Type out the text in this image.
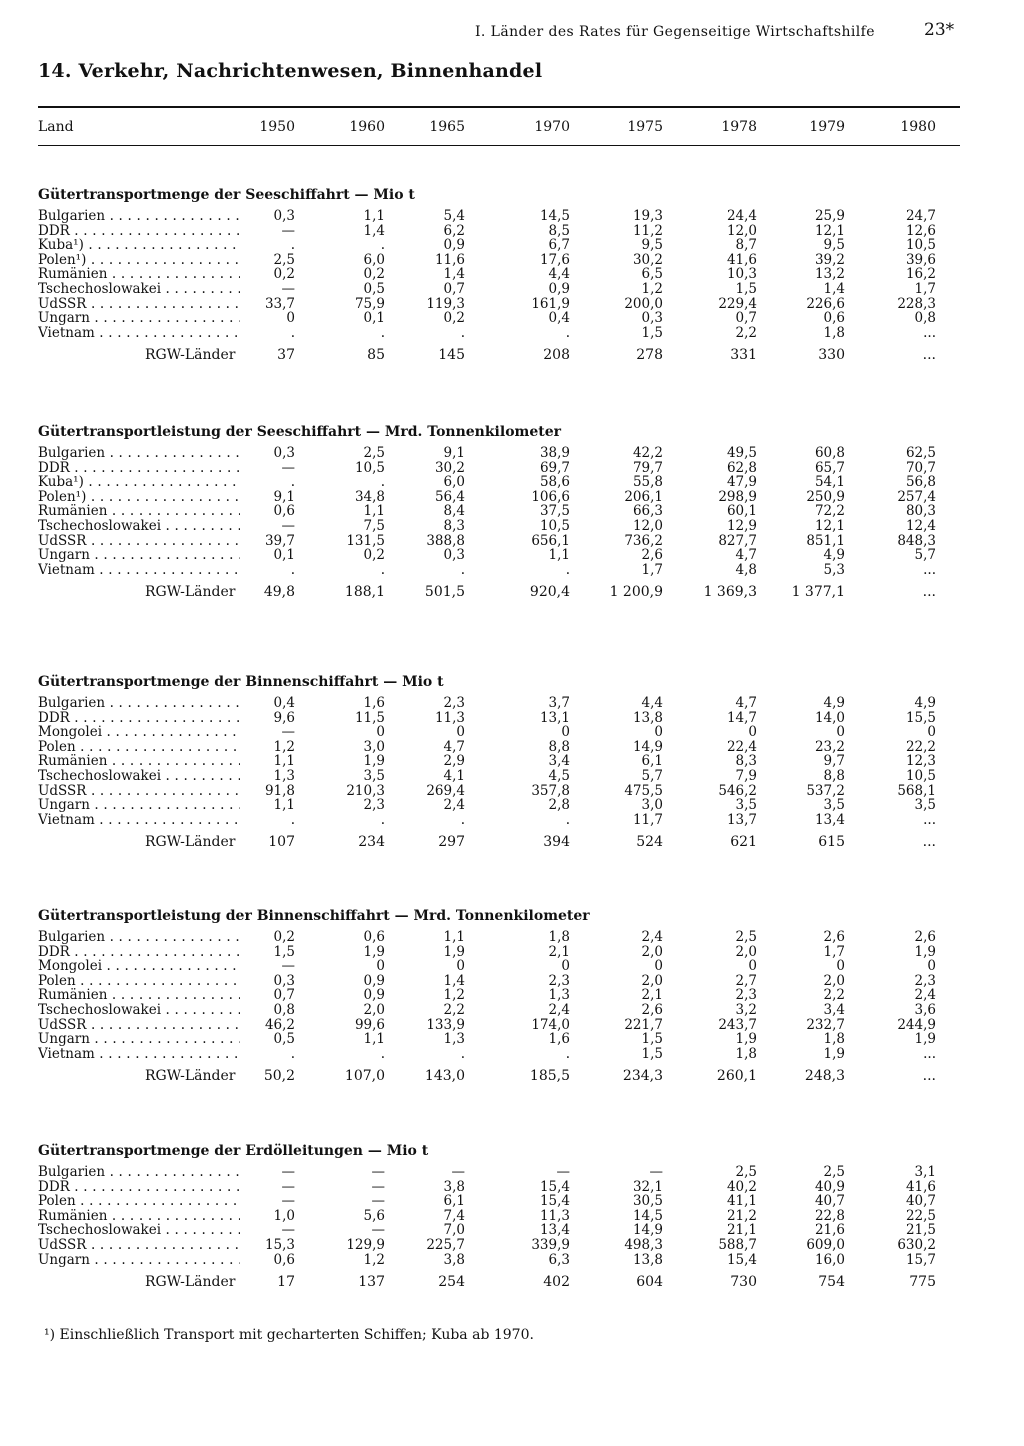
I. Länder des Rates für Gegenseitige Wirtschaftshilfe	23*
14. Verkehr, Nachrichtenwesen, Binnenhandel
Land	1950	1960	1965	1970	1975	1978	1979	1980
Gütertransportmenge der Seeschiffahrt — Mio t
Bulgarien . . .	0,3	1,1	5,4	14,5	19,3	24,4	25,9	24,7
DDR . . .	—	1,4	6,2	8,5	11,2	12,0	12,1	12,6
Kuba¹) . . .	.	.	0,9	6,7	9,5	8,7	9,5	10,5
Polen¹) . . .	2,5	6,0	11,6	17,6	30,2	41,6	39,2	39,6
Rumänien . . .	0,2	0,2	1,4	4,4	6,5	10,3	13,2	16,2
Tschechoslowakei . . .	—	0,5	0,7	0,9	1,2	1,5	1,4	1,7
UdSSR . . .	33,7	75,9	119,3	161,9	200,0	229,4	226,6	228,3
Ungarn . . .	0	0,1	0,2	0,4	0,3	0,7	0,6	0,8
Vietnam . . .	.	.	.	.	1,5	2,2	1,8	...
RGW-Länder	37	85	145	208	278	331	330	...
Gütertransportleistung der Seeschiffahrt — Mrd. Tonnenkilometer
Bulgarien . . .	0,3	2,5	9,1	38,9	42,2	49,5	60,8	62,5
DDR . . .	—	10,5	30,2	69,7	79,7	62,8	65,7	70,7
Kuba¹) . . .	.	.	6,0	58,6	55,8	47,9	54,1	56,8
Polen¹) . . .	9,1	34,8	56,4	106,6	206,1	298,9	250,9	257,4
Rumänien . . .	0,6	1,1	8,4	37,5	66,3	60,1	72,2	80,3
Tschechoslowakei . . .	—	7,5	8,3	10,5	12,0	12,9	12,1	12,4
UdSSR . . .	39,7	131,5	388,8	656,1	736,2	827,7	851,1	848,3
Ungarn . . .	0,1	0,2	0,3	1,1	2,6	4,7	4,9	5,7
Vietnam . . .	.	.	.	.	1,7	4,8	5,3	...
RGW-Länder	49,8	188,1	501,5	920,4	1 200,9	1 369,3	1 377,1	...
Gütertransportmenge der Binnenschiffahrt — Mio t
Bulgarien . . .	0,4	1,6	2,3	3,7	4,4	4,7	4,9	4,9
DDR . . .	9,6	11,5	11,3	13,1	13,8	14,7	14,0	15,5
Mongolei . . .	—	0	0	0	0	0	0	0
Polen . . .	1,2	3,0	4,7	8,8	14,9	22,4	23,2	22,2
Rumänien . . .	1,1	1,9	2,9	3,4	6,1	8,3	9,7	12,3
Tschechoslowakei . . .	1,3	3,5	4,1	4,5	5,7	7,9	8,8	10,5
UdSSR . . .	91,8	210,3	269,4	357,8	475,5	546,2	537,2	568,1
Ungarn . . .	1,1	2,3	2,4	2,8	3,0	3,5	3,5	3,5
Vietnam . . .	.	.	.	.	11,7	13,7	13,4	...
RGW-Länder	107	234	297	394	524	621	615	...
Gütertransportleistung der Binnenschiffahrt — Mrd. Tonnenkilometer
Bulgarien . . .	0,2	0,6	1,1	1,8	2,4	2,5	2,6	2,6
DDR . . .	1,5	1,9	1,9	2,1	2,0	2,0	1,7	1,9
Mongolei . . .	—	0	0	0	0	0	0	0
Polen . . .	0,3	0,9	1,4	2,3	2,0	2,7	2,0	2,3
Rumänien . . .	0,7	0,9	1,2	1,3	2,1	2,3	2,2	2,4
Tschechoslowakei . . .	0,8	2,0	2,2	2,4	2,6	3,2	3,4	3,6
UdSSR . . .	46,2	99,6	133,9	174,0	221,7	243,7	232,7	244,9
Ungarn . . .	0,5	1,1	1,3	1,6	1,5	1,9	1,8	1,9
Vietnam . . .	.	.	.	.	1,5	1,8	1,9	...
RGW-Länder	50,2	107,0	143,0	185,5	234,3	260,1	248,3	...
Gütertransportmenge der Erdölleitungen — Mio t
Bulgarien . . .	—	—	—	—	—	2,5	2,5	3,1
DDR . . .	—	—	3,8	15,4	32,1	40,2	40,9	41,6
Polen . . .	—	—	6,1	15,4	30,5	41,1	40,7	40,7
Rumänien . . .	1,0	5,6	7,4	11,3	14,5	21,2	22,8	22,5
Tschechoslowakei . . .	—	—	7,0	13,4	14,9	21,1	21,6	21,5
UdSSR . . .	15,3	129,9	225,7	339,9	498,3	588,7	609,0	630,2
Ungarn . . .	0,6	1,2	3,8	6,3	13,8	15,4	16,0	15,7
RGW-Länder	17	137	254	402	604	730	754	775
¹) Einschließlich Transport mit gecharterten Schiffen; Kuba ab 1970.
